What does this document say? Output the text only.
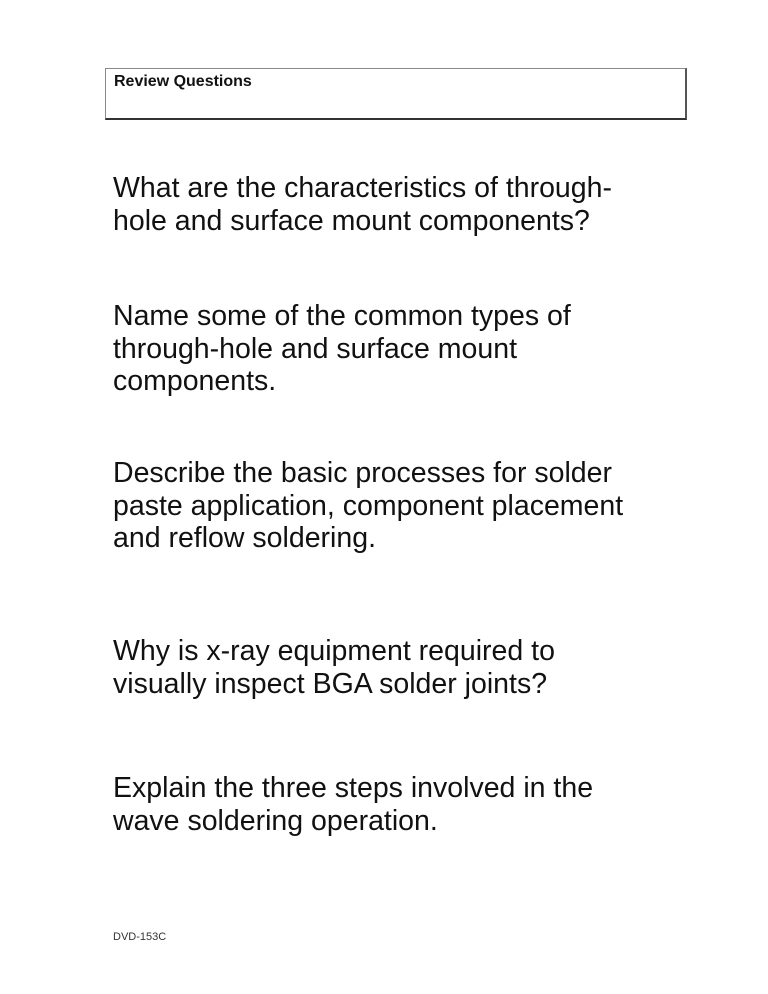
Review Questions

What are the characteristics of through-
hole and surface mount components?

Name some of the common types of
through-hole and surface mount
components.

Describe the basic processes for solder
paste application, component placement
and reflow soldering.

Why is x-ray equipment required to
visually inspect BGA solder joints?

Explain the three steps involved in the
wave soldering operation.

DVD-153C
